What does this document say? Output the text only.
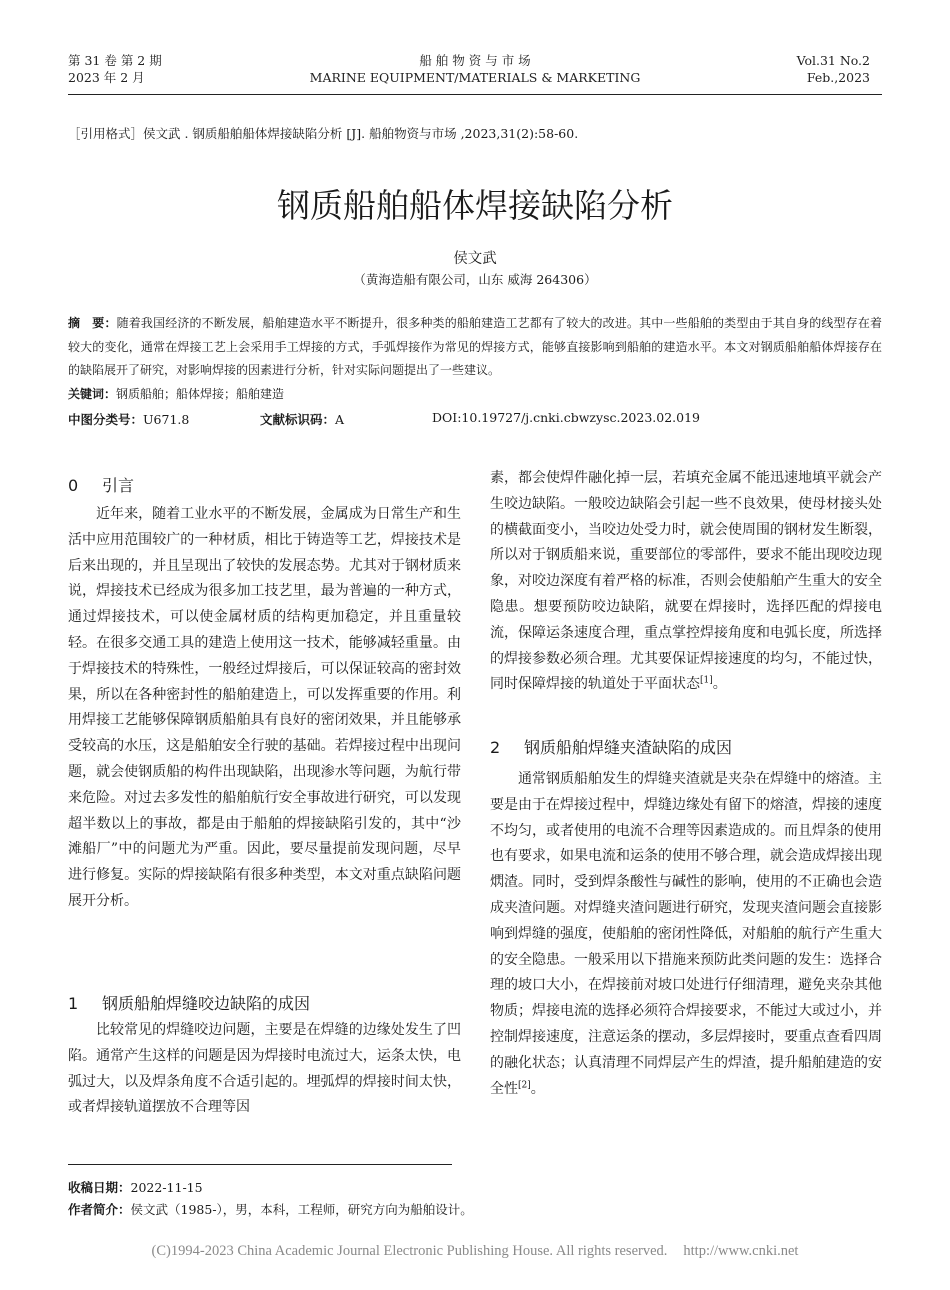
第 31 卷 第 2 期
2023 年 2 月
船 舶 物 资 与 市 场
MARINE EQUIPMENT/MATERIALS & MARKETING
Vol.31 No.2
Feb.,2023
［引用格式］侯文武 . 钢质船舶船体焊接缺陷分析 [J]. 船舶物资与市场 ,2023,31(2):58-60.
钢质船舶船体焊接缺陷分析
侯文武
（黄海造船有限公司，山东 威海 264306）
摘　要：随着我国经济的不断发展，船舶建造水平不断提升，很多种类的船舶建造工艺都有了较大的改进。其中一些船舶的类型由于其自身的线型存在着较大的变化，通常在焊接工艺上会采用手工焊接的方式，手弧焊接作为常见的焊接方式，能够直接影响到船舶的建造水平。本文对钢质船舶船体焊接存在的缺陷展开了研究，对影响焊接的因素进行分析，针对实际问题提出了一些建议。
关键词：钢质船舶；船体焊接；船舶建造
中图分类号：U671.8	文献标识码：A	DOI:10.19727/j.cnki.cbwzysc.2023.02.019
0 引言
1 钢质船舶焊缝咬边缺陷的成因
2 钢质船舶焊缝夹渣缺陷的成因

近年来，随着工业水平的不断发展，金属成为日常生产和生活中应用范围较广的一种材质，相比于铸造等工艺，焊接技术是后来出现的，并且呈现出了较快的发展态势。尤其对于钢材质来说，焊接技术已经成为很多加工技艺里，最为普遍的一种方式，通过焊接技术，可以使金属材质的结构更加稳定，并且重量较轻。在很多交通工具的建造上使用这一技术，能够减轻重量。由于焊接技术的特殊性，一般经过焊接后，可以保证较高的密封效果，所以在各种密封性的船舶建造上，可以发挥重要的作用。利用焊接工艺能够保障钢质船舶具有良好的密闭效果，并且能够承受较高的水压，这是船舶安全行驶的基础。若焊接过程中出现问题，就会使钢质船的构件出现缺陷，出现渗水等问题，为航行带来危险。对过去多发性的船舶航行安全事故进行研究，可以发现超半数以上的事故，都是由于船舶的焊接缺陷引发的，其中“沙滩船厂”中的问题尤为严重。因此，要尽量提前发现问题，尽早进行修复。实际的焊接缺陷有很多种类型，本文对重点缺陷问题展开分析。

比较常见的焊缝咬边问题，主要是在焊缝的边缘处发生了凹陷。通常产生这样的问题是因为焊接时电流过大，运条太快，电弧过大，以及焊条角度不合适引起的。埋弧焊的焊接时间太快，或者焊接轨道摆放不合理等因

素，都会使焊件融化掉一层，若填充金属不能迅速地填平就会产生咬边缺陷。一般咬边缺陷会引起一些不良效果，使母材接头处的横截面变小，当咬边处受力时，就会使周围的钢材发生断裂，所以对于钢质船来说，重要部位的零部件，要求不能出现咬边现象，对咬边深度有着严格的标准，否则会使船舶产生重大的安全隐患。想要预防咬边缺陷，就要在焊接时，选择匹配的焊接电流，保障运条速度合理，重点掌控焊接角度和电弧长度，所选择的焊接参数必须合理。尤其要保证焊接速度的均匀，不能过快，同时保障焊接的轨道处于平面状态[1]。

通常钢质船舶发生的焊缝夹渣就是夹杂在焊缝中的熔渣。主要是由于在焊接过程中，焊缝边缘处有留下的熔渣，焊接的速度不均匀，或者使用的电流不合理等因素造成的。而且焊条的使用也有要求，如果电流和运条的使用不够合理，就会造成焊接出现熌渣。同时，受到焊条酸性与碱性的影响，使用的不正确也会造成夹渣问题。对焊缝夹渣问题进行研究，发现夹渣问题会直接影响到焊缝的强度，使船舶的密闭性降低，对船舶的航行产生重大的安全隐患。一般采用以下措施来预防此类问题的发生：选择合理的坡口大小，在焊接前对坡口处进行仔细清理，避免夹杂其他物质；焊接电流的选择必须符合焊接要求，不能过大或过小，并控制焊接速度，注意运条的摆动，多层焊接时，要重点查看四周的融化状态；认真清理不同焊层产生的焊渣，提升船舶建造的安全性[2]。

收稿日期：2022-11-15
作者简介：侯文武（1985-），男，本科，工程师，研究方向为船舶设计。
(C)1994-2023 China Academic Journal Electronic Publishing House. All rights reserved. http://www.cnki.net
